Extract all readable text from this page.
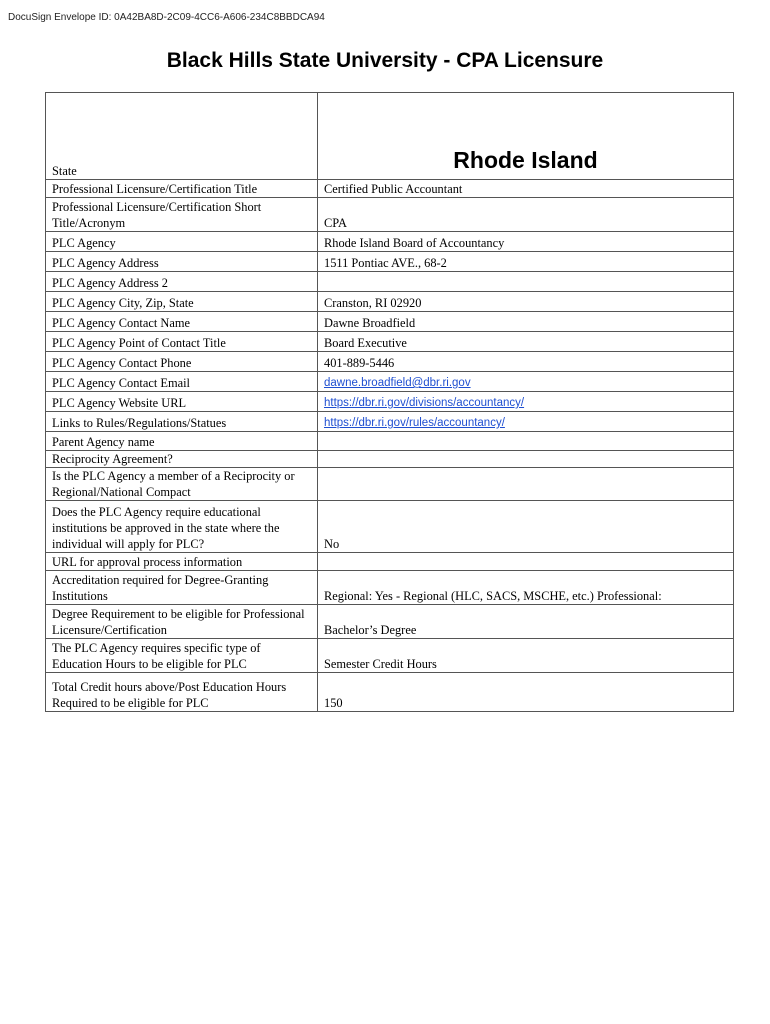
DocuSign Envelope ID: 0A42BA8D-2C09-4CC6-A606-234C8BBDCA94
Black Hills State University - CPA Licensure
State	Rhode Island

Professional Licensure/Certification Title	Certified Public Accountant
Professional Licensure/Certification Short Title/Acronym	CPA
PLC Agency	Rhode Island Board of Accountancy
PLC Agency Address	1511 Pontiac AVE., 68-2
PLC Agency Address 2	
PLC Agency City, Zip, State	Cranston, RI 02920
PLC Agency Contact Name	Dawne Broadfield
PLC Agency Point of Contact Title	Board Executive
PLC Agency Contact Phone	401-889-5446
PLC Agency Contact Email	dawne.broadfield@dbr.ri.gov
PLC Agency Website URL	https://dbr.ri.gov/divisions/accountancy/
Links to Rules/Regulations/Statues	https://dbr.ri.gov/rules/accountancy/
Parent Agency name	
Reciprocity Agreement?	
Is the PLC Agency a member of a Reciprocity or Regional/National Compact	
Does the PLC Agency require educational institutions be approved in the state where the individual will apply for PLC?	No
URL for approval process information	
Accreditation required for Degree-Granting Institutions	Regional: Yes - Regional (HLC, SACS, MSCHE, etc.) Professional:
Degree Requirement to be eligible for Professional Licensure/Certification	Bachelor’s Degree
The PLC Agency requires specific type of Education Hours to be eligible for PLC	Semester Credit Hours
Total Credit hours above/Post Education Hours Required to be eligible for PLC	150
